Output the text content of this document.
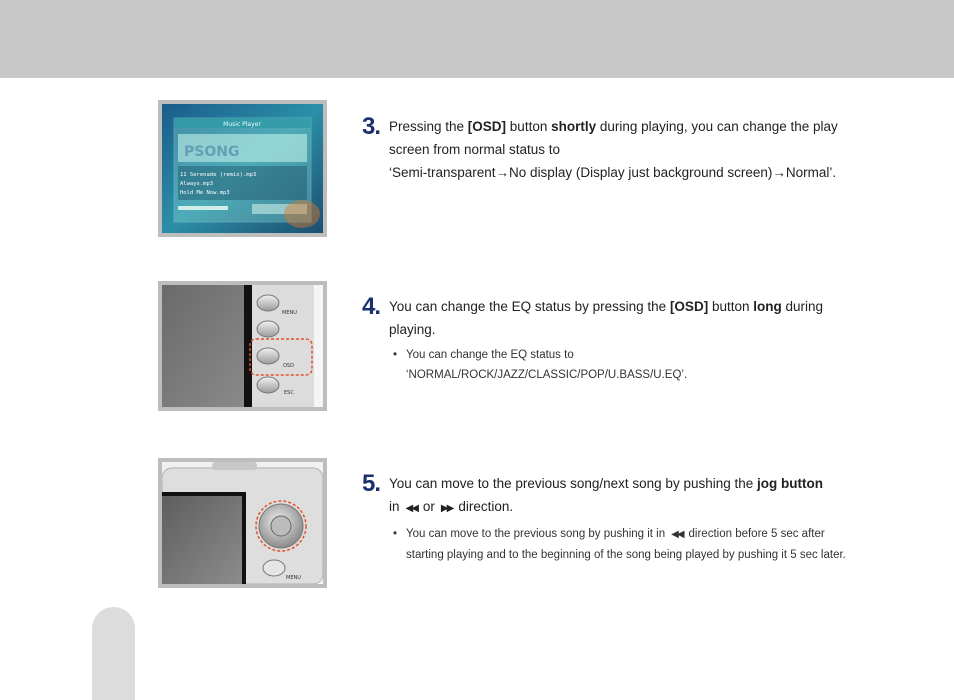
Music Player
PSONG
11 Serenade (remix).mp3
Always.mp3
Hold Me Now.mp3
MENU
OSD
ESC
MENU
3. Pressing the [OSD] button shortly during playing, you can change the play screen from normal status to
‘Semi-transparent→No display (Display just background screen)→Normal’.
4. You can change the EQ status by pressing the [OSD] button long during playing.
• You can change the EQ status to
‘NORMAL/ROCK/JAZZ/CLASSIC/POP/U.BASS/U.EQ’.
5. You can move to the previous song/next song by pushing the jog button
in ◀◀ or ▶▶ direction.
• You can move to the previous song by pushing it in ◀◀ direction before 5 sec after starting playing and to the beginning of the song being played by pushing it 5 sec later.
